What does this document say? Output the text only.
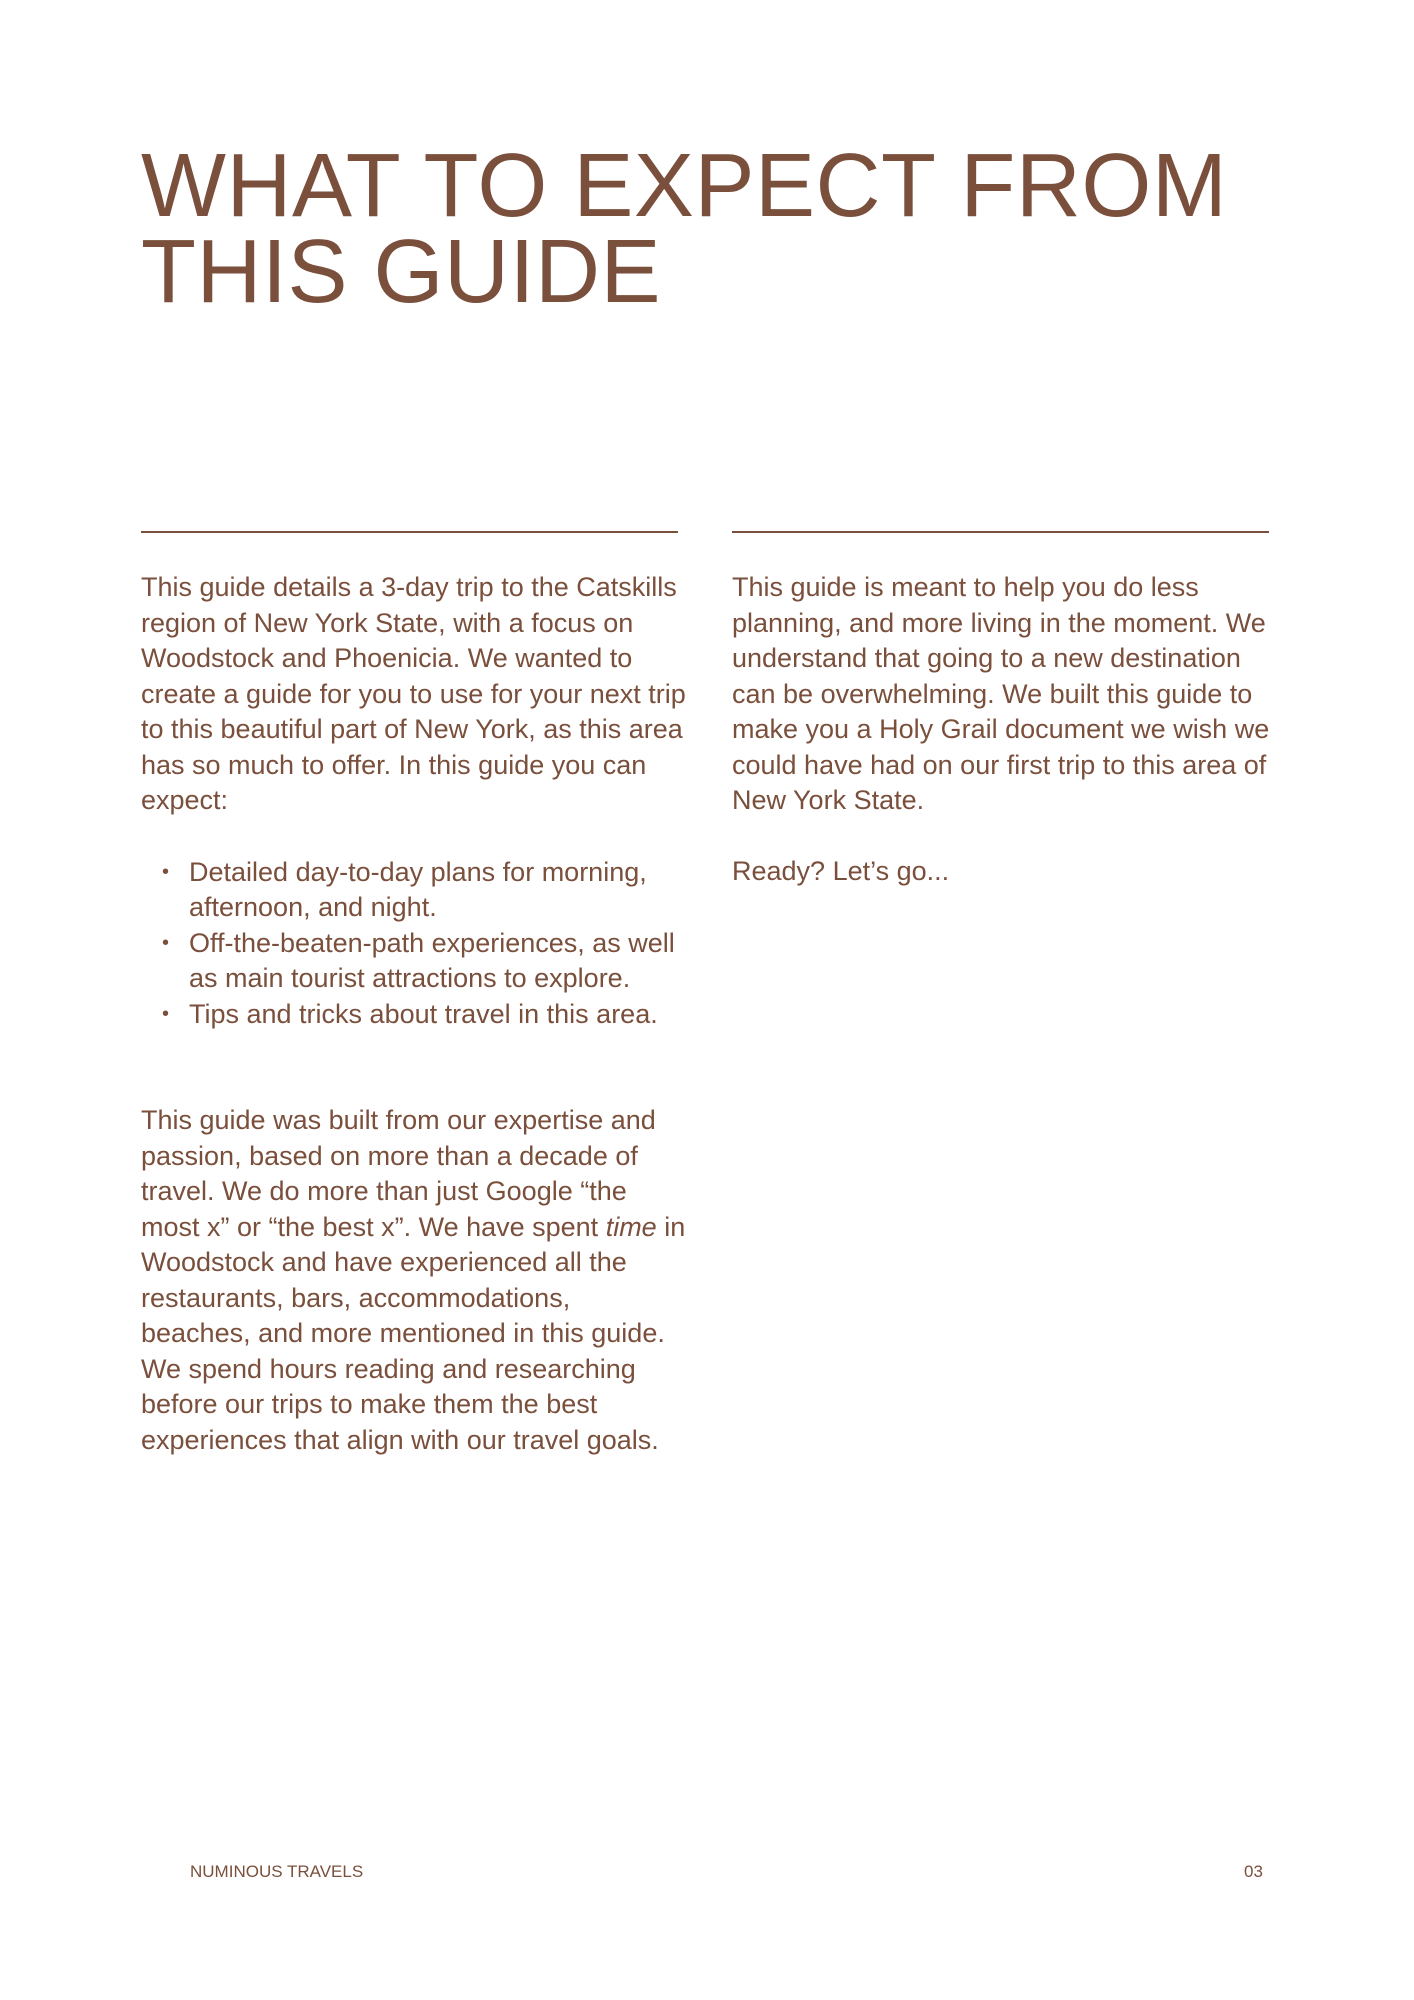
WHAT TO EXPECT FROM
THIS GUIDE

This guide details a 3-day trip to the Catskills region of New York State, with a focus on Woodstock and Phoenicia. We wanted to create a guide for you to use for your next trip to this beautiful part of New York, as this area has so much to offer. In this guide you can expect:

• Detailed day-to-day plans for morning, afternoon, and night.
• Off-the-beaten-path experiences, as well as main tourist attractions to explore.
• Tips and tricks about travel in this area.

This guide was built from our expertise and passion, based on more than a decade of travel. We do more than just Google “the most x” or “the best x”. We have spent time in Woodstock and have experienced all the restaurants, bars, accommodations, beaches, and more mentioned in this guide. We spend hours reading and researching before our trips to make them the best experiences that align with our travel goals.

This guide is meant to help you do less planning, and more living in the moment. We understand that going to a new destination can be overwhelming. We built this guide to make you a Holy Grail document we wish we could have had on our first trip to this area of New York State.

Ready? Let’s go...

NUMINOUS TRAVELS	03
